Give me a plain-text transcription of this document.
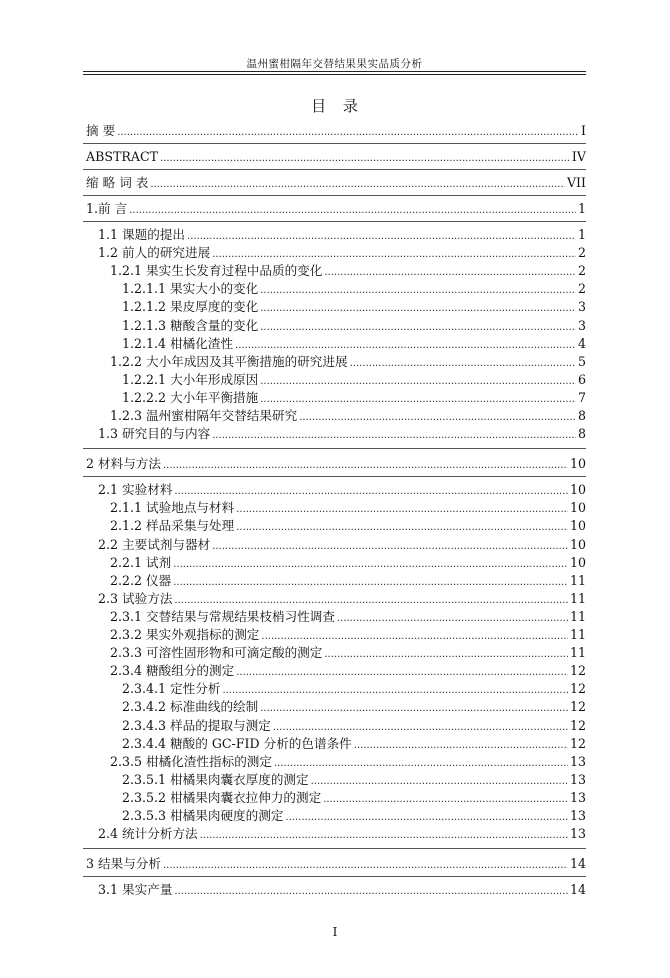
温州蜜柑隔年交替结果果实品质分析
目 录
摘 要 .....	I
ABSTRACT .....	IV
缩 略 词 表 .....	VII
1.前 言 .....	1
1.1 课题的提出 .....	1
1.2 前人的研究进展 .....	2
1.2.1 果实生长发育过程中品质的变化 .....	2
1.2.1.1 果实大小的变化 .....	2
1.2.1.2 果皮厚度的变化 .....	3
1.2.1.3 糖酸含量的变化 .....	3
1.2.1.4 柑橘化渣性 .....	4
1.2.2 大小年成因及其平衡措施的研究进展 .....	5
1.2.2.1 大小年形成原因 .....	6
1.2.2.2 大小年平衡措施 .....	7
1.2.3 温州蜜柑隔年交替结果研究 .....	8
1.3 研究目的与内容 .....	8
2 材料与方法 .....	10
2.1 实验材料 .....	10
2.1.1 试验地点与材料 .....	10
2.1.2 样品采集与处理 .....	10
2.2 主要试剂与器材 .....	10
2.2.1 试剂 .....	10
2.2.2 仪器 .....	11
2.3 试验方法 .....	11
2.3.1 交替结果与常规结果枝梢习性调查 .....	11
2.3.2 果实外观指标的测定 .....	11
2.3.3 可溶性固形物和可滴定酸的测定 .....	11
2.3.4 糖酸组分的测定 .....	12
2.3.4.1 定性分析 .....	12
2.3.4.2 标准曲线的绘制 .....	12
2.3.4.3 样品的提取与测定 .....	12
2.3.4.4 糖酸的 GC-FID 分析的色谱条件 .....	12
2.3.5 柑橘化渣性指标的测定 .....	13
2.3.5.1 柑橘果肉囊衣厚度的测定 .....	13
2.3.5.2 柑橘果肉囊衣拉伸力的测定 .....	13
2.3.5.3 柑橘果肉硬度的测定 .....	13
2.4 统计分析方法 .....	13
3 结果与分析 .....	14
3.1 果实产量 .....	14
I
